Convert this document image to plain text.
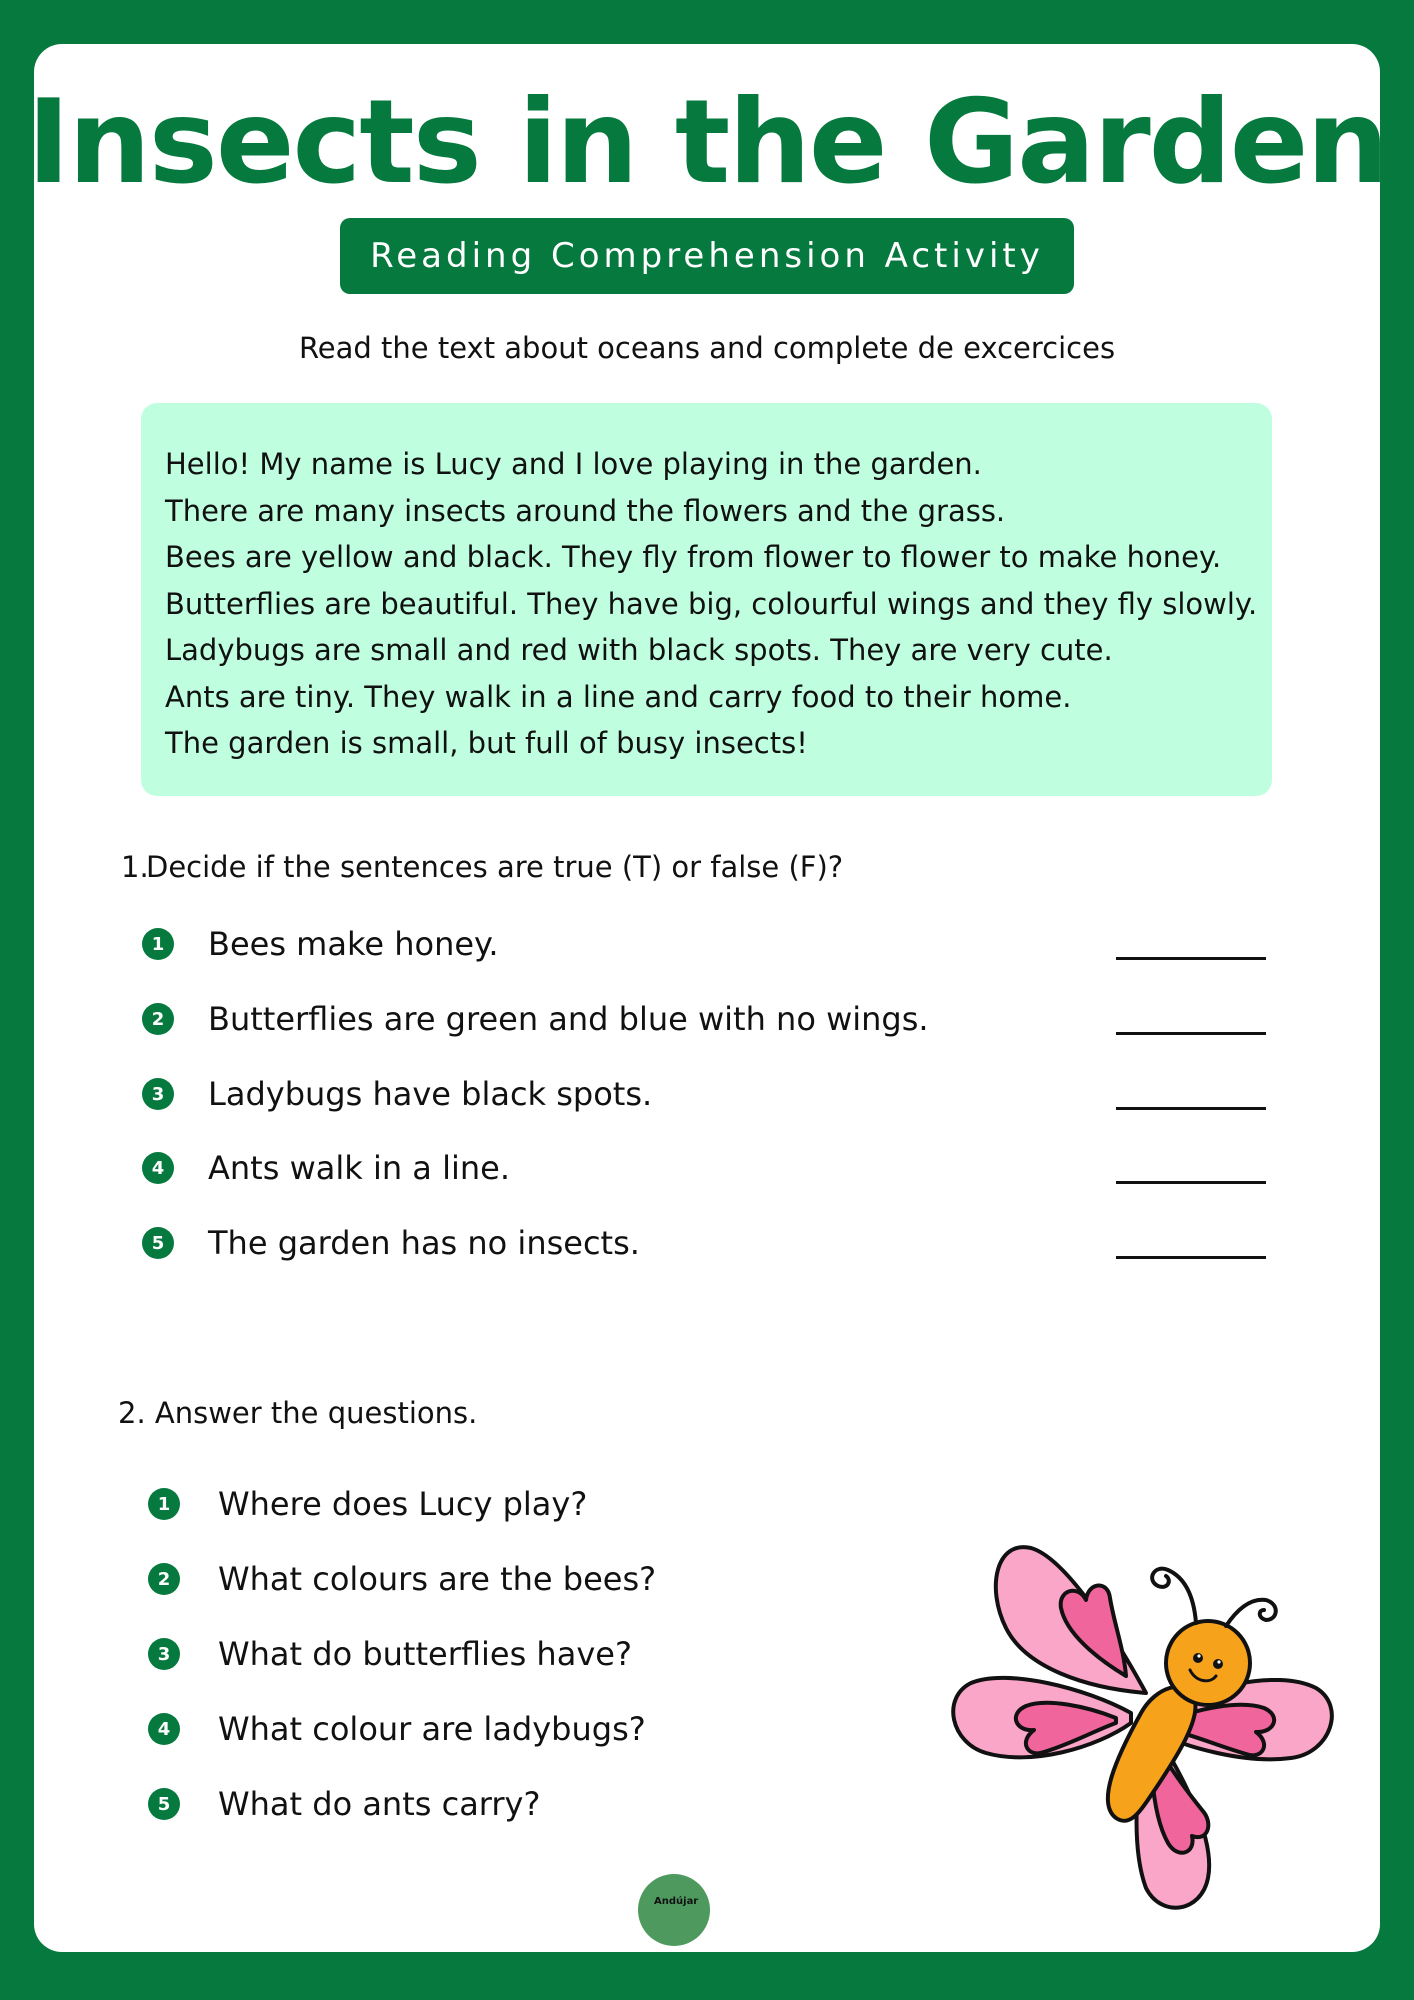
Insects in the Garden
Reading Comprehension Activity
Read the text about oceans and complete de excercices
Hello! My name is Lucy and I love playing in the garden.
There are many insects around the flowers and the grass.
Bees are yellow and black. They fly from flower to flower to make honey.
Butterflies are beautiful. They have big, colourful wings and they fly slowly.
Ladybugs are small and red with black spots. They are very cute.
Ants are tiny. They walk in a line and carry food to their home.
The garden is small, but full of busy insects!
1.Decide if the sentences are true (T) or false (F)?
1	Bees make honey.
2	Butterflies are green and blue with no wings.
3	Ladybugs have black spots.
4	Ants walk in a line.
5	The garden has no insects.
2. Answer the questions.
1	Where does Lucy play?
2	What colours are the bees?
3	What do butterflies have?
4	What colour are ladybugs?
5	What do ants carry?
Andújar
